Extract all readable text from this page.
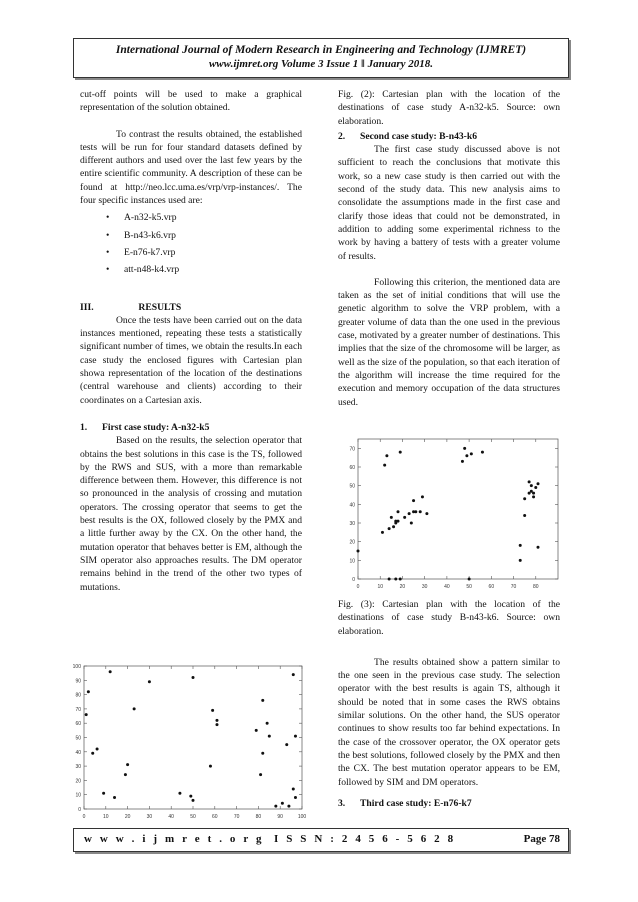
International Journal of Modern Research in Engineering and Technology (IJMRET)
www.ijmret.org Volume 3 Issue 1 ǁ January 2018.

cut-off points will be used to make a graphical representation of the solution obtained.

To contrast the results obtained, the established tests will be run for four standard datasets defined by different authors and used over the last few years by the entire scientific community. A description of these can be found at http://neo.lcc.uma.es/vrp/vrp-instances/. The four specific instances used are:

• A-n32-k5.vrp
• B-n43-k6.vrp
• E-n76-k7.vrp
• att-n48-k4.vrp

III.	RESULTS

Once the tests have been carried out on the data instances mentioned, repeating these tests a statistically significant number of times, we obtain the results.In each case study the enclosed figures with Cartesian plan showa representation of the location of the destinations (central warehouse and clients) according to their coordinates on a Cartesian axis.

1. First case study: A-n32-k5

Based on the results, the selection operator that obtains the best solutions in this case is the TS, followed by the RWS and SUS, with a more than remarkable difference between them. However, this difference is not so pronounced in the analysis of crossing and mutation operators. The crossing operator that seems to get the best results is the OX, followed closely by the PMX and a little further away by the CX. On the other hand, the mutation operator that behaves better is EM, although the SIM operator also approaches results. The DM operator remains behind in the trend of the other two types of mutations.

0	10	20	30	40	50	60	70	80	90	100
0
10
20
30
40
50
60
70
80
90
100

Fig. (2): Cartesian plan with the location of the destinations of case study A-n32-k5. Source: own elaboration.

2. Second case study: B-n43-k6

The first case study discussed above is not sufficient to reach the conclusions that motivate this work, so a new case study is then carried out with the second of the study data. This new analysis aims to consolidate the assumptions made in the first case and clarify those ideas that could not be demonstrated, in addition to adding some experimental richness to the work by having a battery of tests with a greater volume of results.

Following this criterion, the mentioned data are taken as the set of initial conditions that will use the genetic algorithm to solve the VRP problem, with a greater volume of data than the one used in the previous case, motivated by a greater number of destinations. This implies that the size of the chromosome will be larger, as well as the size of the population, so that each iteration of the algorithm will increase the time required for the execution and memory occupation of the data structures used.

0	10	20	30	40	50	60	70	80
0
10
20
30
40
50
60
70

Fig. (3): Cartesian plan with the location of the destinations of case study B-n43-k6. Source: own elaboration.

The results obtained show a pattern similar to the one seen in the previous case study. The selection operator with the best results is again TS, although it should be noted that in some cases the RWS obtains similar solutions. On the other hand, the SUS operator continues to show results too far behind expectations. In the case of the crossover operator, the OX operator gets the best solutions, followed closely by the PMX and then the CX. The best mutation operator appears to be EM, followed by SIM and DM operators.

3. Third case study: E-n76-k7

w w w . i j m r e t . o r g I S S N : 2 4 5 6 - 5 6 2 8	Page 78
